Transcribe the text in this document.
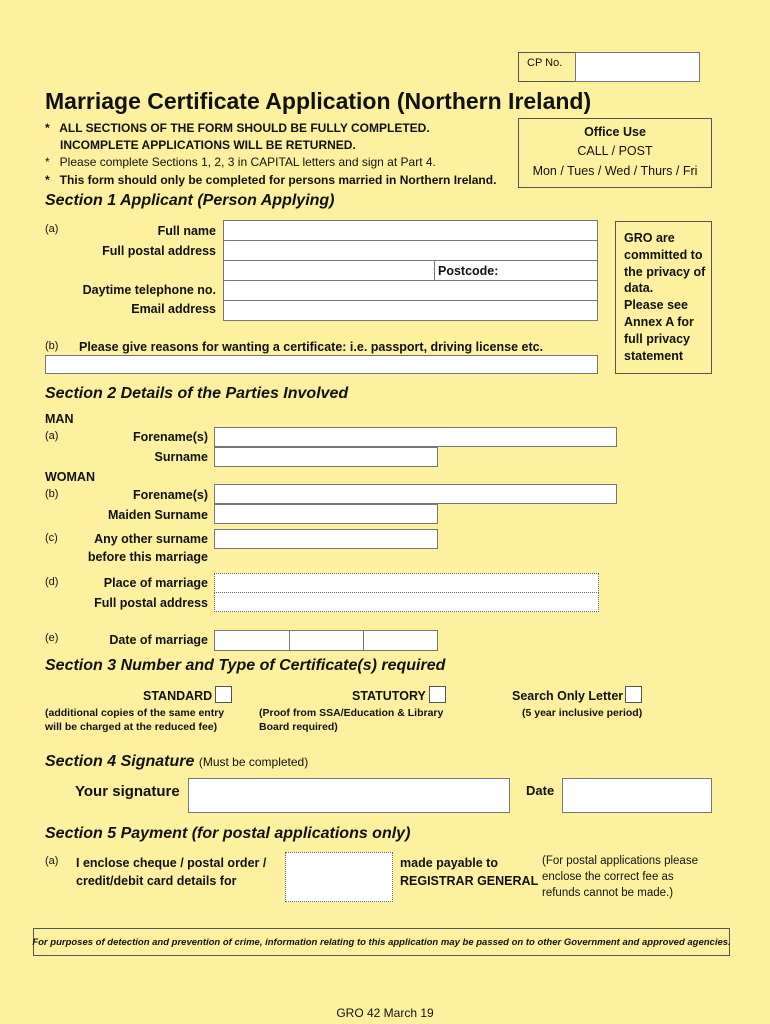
CP No.
Marriage Certificate Application (Northern Ireland)
*   ALL SECTIONS OF THE FORM SHOULD BE FULLY COMPLETED.
INCOMPLETE APPLICATIONS WILL BE RETURNED.
*   Please complete Sections 1, 2, 3 in CAPITAL letters and sign at Part 4.
*   This form should only be completed for persons married in Northern Ireland.
Office Use
CALL / POST
Mon / Tues / Wed / Thurs / Fri
Section 1 Applicant (Person Applying)
(a)	Full name
Full postal address
Daytime telephone no.
Email address
Postcode:
(b) Please give reasons for wanting a certificate: i.e. passport, driving license etc.
GRO are
committed to
the privacy of
data.
Please see
Annex A for
full privacy
statement
Section 2 Details of the Parties Involved
MAN
(a)	Forename(s)
Surname
WOMAN
(b)	Forename(s)
Maiden Surname
(c)	Any other surname
before this marriage
(d)	Place of marriage
Full postal address
(e)	Date of marriage
Section 3 Number and Type of Certificate(s) required
STANDARD
(additional copies of the same entry
will be charged at the reduced fee)
STATUTORY
(Proof from SSA/Education & Library
Board required)
Search Only Letter
(5 year inclusive period)
Section 4 Signature (Must be completed)
Your signature	Date
Section 5 Payment (for postal applications only)
(a) I enclose cheque / postal order /
credit/debit card details for
made payable to
REGISTRAR GENERAL
(For postal applications please
enclose the correct fee as
refunds cannot be made.)
For purposes of detection and prevention of crime, information relating to this application may be passed on to other Government and approved agencies.
GRO 42 March 19
